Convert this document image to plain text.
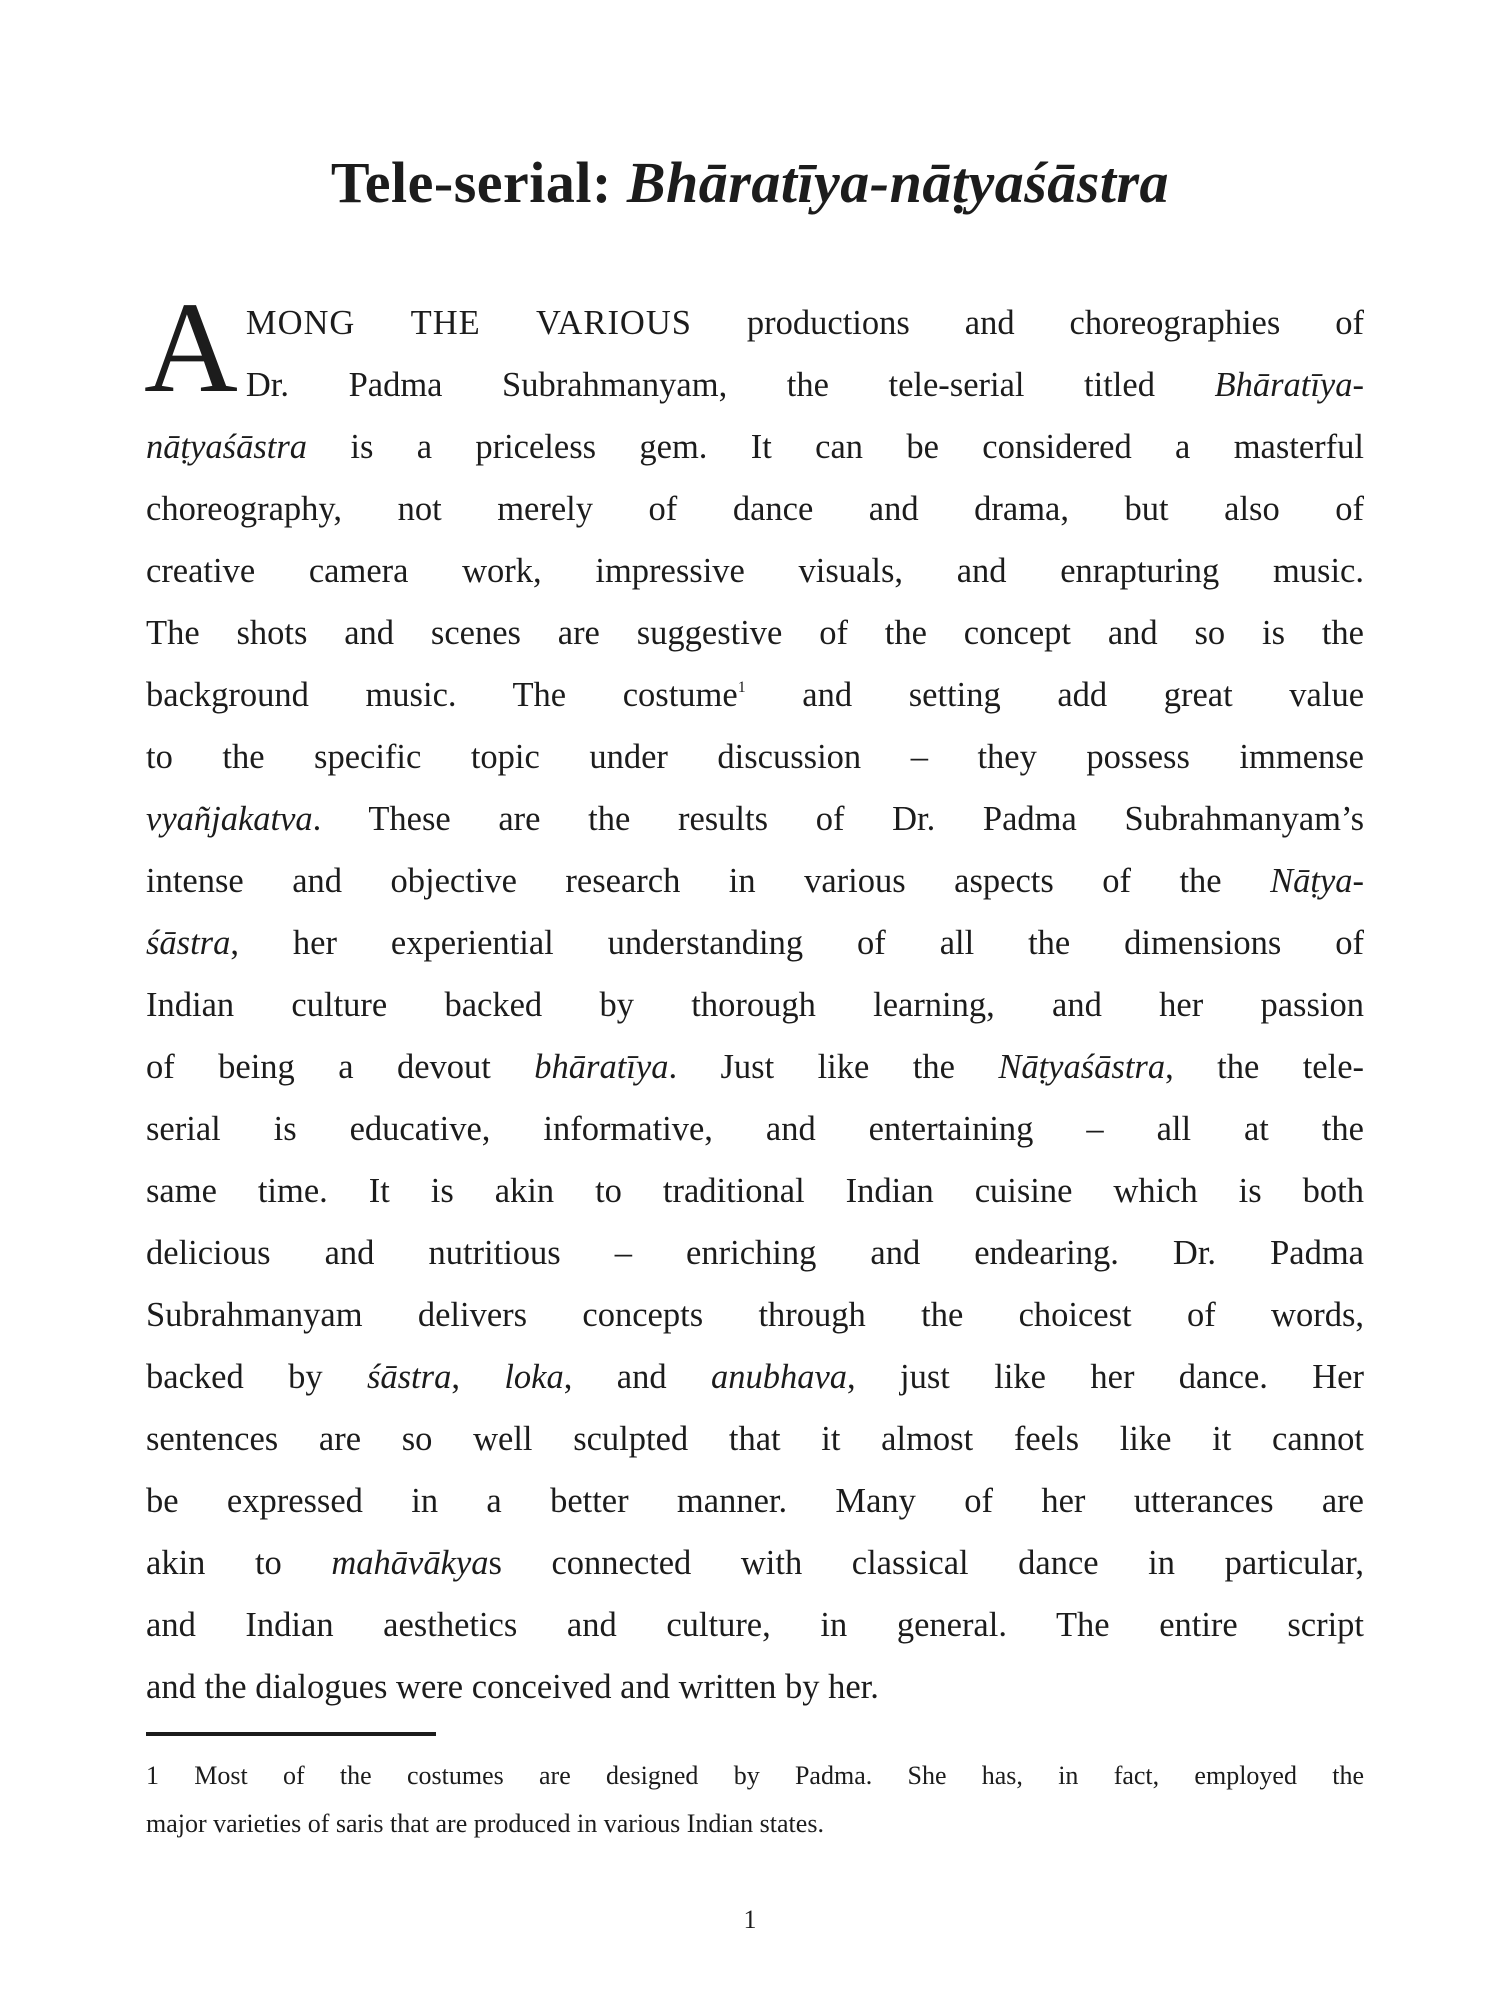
Tele-serial: Bhāratīya-nāṭyaśāstra
A MONG THE VARIOUS productions and choreographies of
Dr. Padma Subrahmanyam, the tele-serial titled Bhāratīya-
nāṭyaśāstra is a priceless gem. It can be considered a masterful
choreography, not merely of dance and drama, but also of
creative camera work, impressive visuals, and enrapturing music.
The shots and scenes are suggestive of the concept and so is the
background music. The costume$^1$ and setting add great value
to the specific topic under discussion – they possess immense
vyañjakatva. These are the results of Dr. Padma Subrahmanyam’s
intense and objective research in various aspects of the Nāṭya-
śāstra, her experiential understanding of all the dimensions of
Indian culture backed by thorough learning, and her passion
of being a devout bhāratīya. Just like the Nāṭyaśāstra, the tele-
serial is educative, informative, and entertaining – all at the
same time. It is akin to traditional Indian cuisine which is both
delicious and nutritious – enriching and endearing. Dr. Padma
Subrahmanyam delivers concepts through the choicest of words,
backed by śāstra, loka, and anubhava, just like her dance. Her
sentences are so well sculpted that it almost feels like it cannot
be expressed in a better manner. Many of her utterances are
akin to mahāvākyas connected with classical dance in particular,
and Indian aesthetics and culture, in general. The entire script
and the dialogues were conceived and written by her.
1 Most of the costumes are designed by Padma. She has, in fact, employed the
major varieties of saris that are produced in various Indian states.
1
